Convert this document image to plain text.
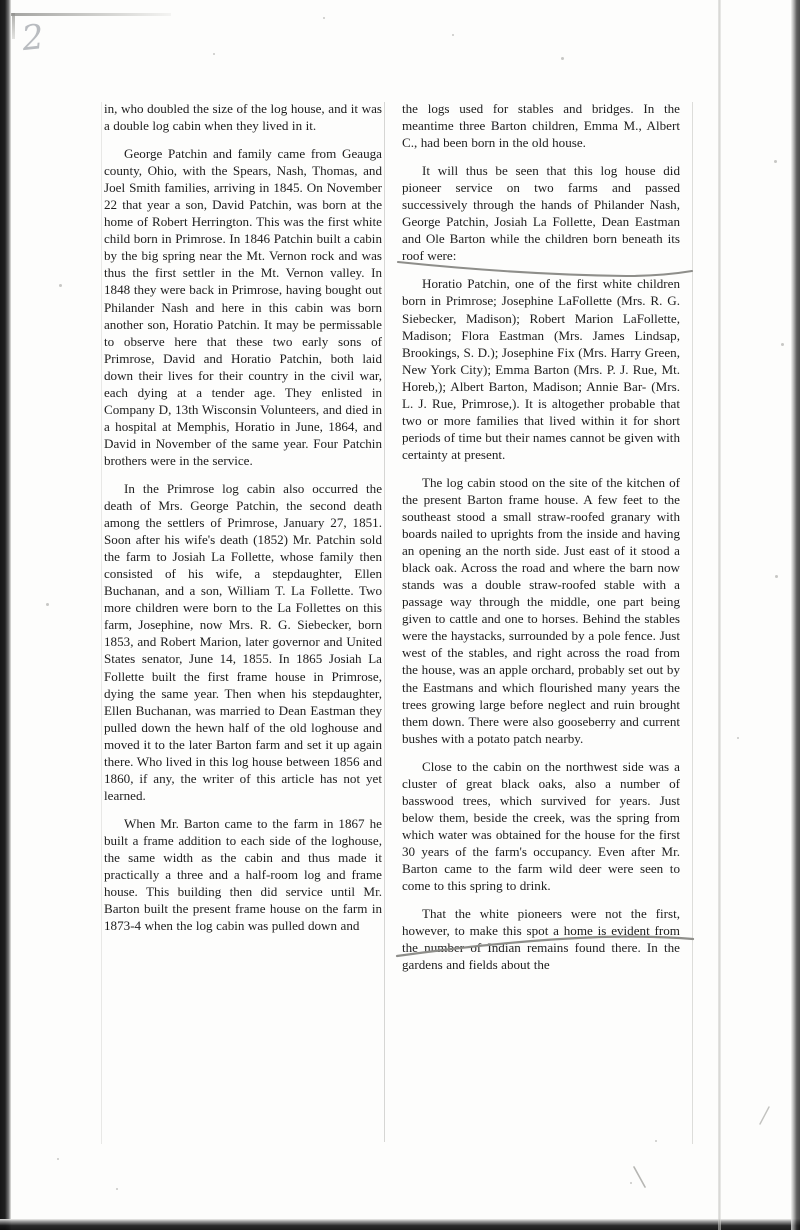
2

in, who doubled the size of the log house, and it was a double log cabin when they lived in it.

George Patchin and family came from Geauga county, Ohio, with the Spears, Nash, Thomas, and Joel Smith families, arriving in 1845. On November 22 that year a son, David Patchin, was born at the home of Robert Herrington. This was the first white child born in Primrose. In 1846 Patchin built a cabin by the big spring near the Mt. Vernon rock and was thus the first settler in the Mt. Vernon valley. In 1848 they were back in Primrose, having bought out Philander Nash and here in this cabin was born another son, Horatio Patchin. It may be permissable to observe here that these two early sons of Primrose, David and Horatio Patchin, both laid down their lives for their country in the civil war, each dying at a tender age. They enlisted in Company D, 13th Wisconsin Volunteers, and died in a hospital at Memphis, Horatio in June, 1864, and David in November of the same year. Four Patchin brothers were in the service.

In the Primrose log cabin also occurred the death of Mrs. George Patchin, the second death among the settlers of Primrose, January 27, 1851. Soon after his wife's death (1852) Mr. Patchin sold the farm to Josiah La Follette, whose family then consisted of his wife, a stepdaughter, Ellen Buchanan, and a son, William T. La Follette. Two more children were born to the La Follettes on this farm, Josephine, now Mrs. R. G. Siebecker, born 1853, and Robert Marion, later governor and United States senator, June 14, 1855. In 1865 Josiah La Follette built the first frame house in Primrose, dying the same year. Then when his stepdaughter, Ellen Buchanan, was married to Dean Eastman they pulled down the hewn half of the old loghouse and moved it to the later Barton farm and set it up again there. Who lived in this log house between 1856 and 1860, if any, the writer of this article has not yet learned.

When Mr. Barton came to the farm in 1867 he built a frame addition to each side of the loghouse, the same width as the cabin and thus made it practically a three and a half-room log and frame house. This building then did service until Mr. Barton built the present frame house on the farm in 1873-4 when the log cabin was pulled down and

the logs used for stables and bridges. In the meantime three Barton children, Emma M., Albert C., had been born in the old house.

It will thus be seen that this log house did pioneer service on two farms and passed successively through the hands of Philander Nash, George Patchin, Josiah La Follette, Dean Eastman and Ole Barton while the children born beneath its roof were:

Horatio Patchin, one of the first white children born in Primrose; Josephine LaFollette (Mrs. R. G. Siebecker, Madison); Robert Marion LaFollette, Madison; Flora Eastman (Mrs. James Lindsap, Brookings, S. D.); Josephine Fix (Mrs. Harry Green, New York City); Emma Barton (Mrs. P. J. Rue, Mt. Horeb,); Albert Barton, Madison; Annie Bar- (Mrs. L. J. Rue, Primrose,). It is altogether probable that two or more families that lived within it for short periods of time but their names cannot be given with certainty at present.

The log cabin stood on the site of the kitchen of the present Barton frame house. A few feet to the southeast stood a small straw-roofed granary with boards nailed to uprights from the inside and having an opening an the north side. Just east of it stood a black oak. Across the road and where the barn now stands was a double straw-roofed stable with a passage way through the middle, one part being given to cattle and one to horses. Behind the stables were the haystacks, surrounded by a pole fence. Just west of the stables, and right across the road from the house, was an apple orchard, probably set out by the Eastmans and which flourished many years the trees growing large before neglect and ruin brought them down. There were also gooseberry and current bushes with a potato patch nearby.

Close to the cabin on the northwest side was a cluster of great black oaks, also a number of basswood trees, which survived for years. Just below them, beside the creek, was the spring from which water was obtained for the house for the first 30 years of the farm's occupancy. Even after Mr. Barton came to the farm wild deer were seen to come to this spring to drink.

That the white pioneers were not the first, however, to make this spot a home is evident from the number of Indian remains found there. In the gardens and fields about the
